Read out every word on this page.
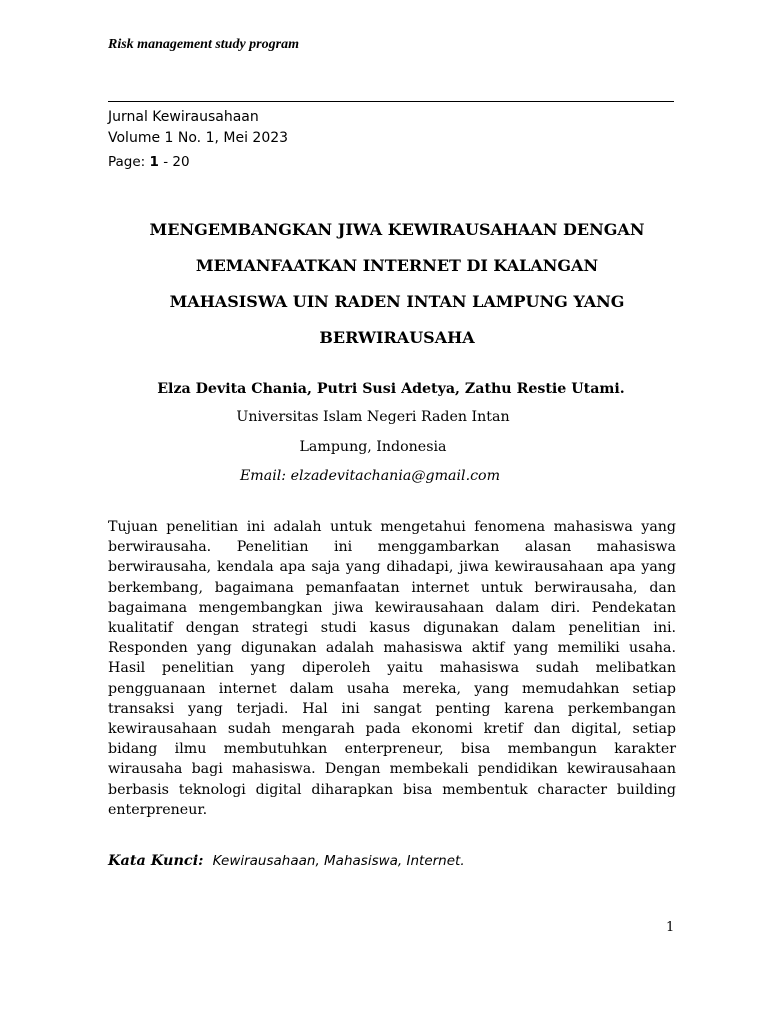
Risk management study program
Jurnal Kewirausahaan
Volume 1 No. 1, Mei 2023
Page: 1 - 20
MENGEMBANGKAN JIWA KEWIRAUSAHAAN DENGAN
MEMANFAATKAN INTERNET DI KALANGAN
MAHASISWA UIN RADEN INTAN LAMPUNG YANG
BERWIRAUSAHA
Elza Devita Chania, Putri Susi Adetya, Zathu Restie Utami.
Universitas Islam Negeri Raden Intan
Lampung, Indonesia
Email: elzadevitachania@gmail.com
Tujuan penelitian ini adalah untuk mengetahui fenomena mahasiswa yang berwirausaha. Penelitian ini menggambarkan alasan mahasiswa berwirausaha, kendala apa saja yang dihadapi, jiwa kewirausahaan apa yang berkembang, bagaimana pemanfaatan internet untuk berwirausaha, dan bagaimana mengembangkan jiwa kewirausahaan dalam diri. Pendekatan kualitatif dengan strategi studi kasus digunakan dalam penelitian ini. Responden yang digunakan adalah mahasiswa aktif yang memiliki usaha. Hasil penelitian yang diperoleh yaitu mahasiswa sudah melibatkan pengguanaan internet dalam usaha mereka, yang memudahkan setiap transaksi yang terjadi. Hal ini sangat penting karena perkembangan kewirausahaan sudah mengarah pada ekonomi kretif dan digital, setiap bidang ilmu membutuhkan enterpreneur, bisa membangun karakter wirausaha bagi mahasiswa. Dengan membekali pendidikan kewirausahaan berbasis teknologi digital diharapkan bisa membentuk character building enterpreneur.
Kata Kunci: Kewirausahaan, Mahasiswa, Internet.
1
